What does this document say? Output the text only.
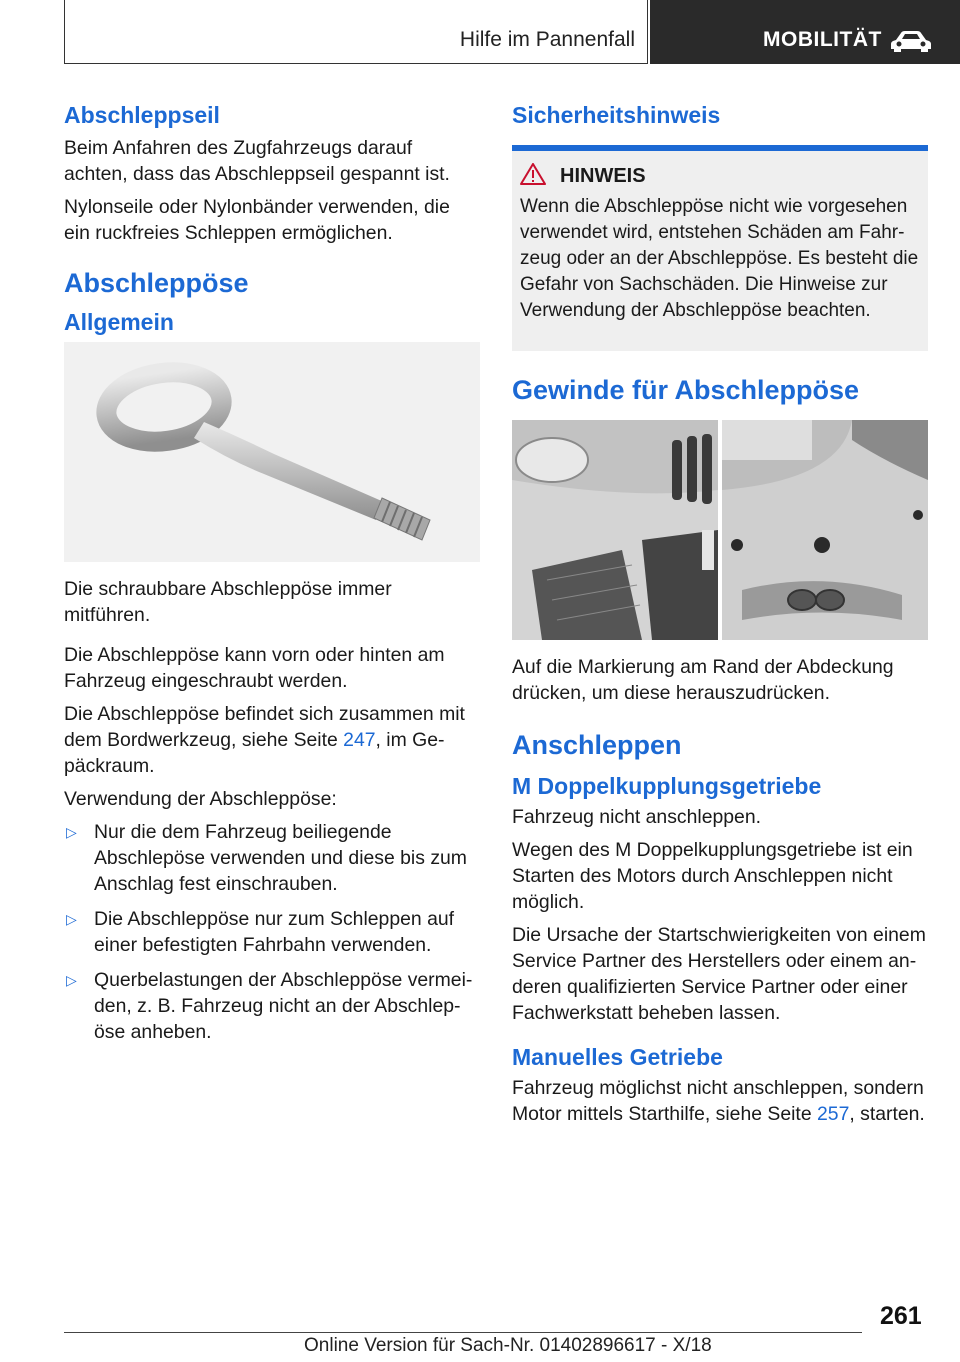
Hilfe im Pannenfall	MOBILITÄT
Abschleppseil

Beim Anfahren des Zugfahrzeugs darauf achten, dass das Abschleppseil gespannt ist.

Nylonseile oder Nylonbänder verwenden, die ein ruckfreies Schleppen ermöglichen.

Abschleppöse
Allgemein

Die schraubbare Abschleppöse immer mitführen.

Die Abschleppöse kann vorn oder hinten am Fahrzeug eingeschraubt werden.

Die Abschleppöse befindet sich zusammen mit dem Bordwerkzeug, siehe Seite 247, im Gepäckraum.

Verwendung der Abschleppöse:

▷ Nur die dem Fahrzeug beiliegende Abschlepöse verwenden und diese bis zum Anschlag fest einschrauben.
▷ Die Abschleppöse nur zum Schleppen auf einer befestigten Fahrbahn verwenden.
▷ Querbelastungen der Abschleppöse vermeiden, z. B. Fahrzeug nicht an der Abschlepöse anheben.
Sicherheitshinweis
HINWEIS

Wenn die Abschleppöse nicht wie vorgesehen verwendet wird, entstehen Schäden am Fahrzeug oder an der Abschleppöse. Es besteht die Gefahr von Sachschäden. Die Hinweise zur Verwendung der Abschleppöse beachten.

Gewinde für Abschleppöse

Auf die Markierung am Rand der Abdeckung drücken, um diese herauszudrücken.

Anschleppen
M Doppelkupplungsgetriebe

Fahrzeug nicht anschleppen.

Wegen des M Doppelkupplungsgetriebe ist ein Starten des Motors durch Anschleppen nicht möglich.

Die Ursache der Startschwierigkeiten von einem Service Partner des Herstellers oder einem anderen qualifizierten Service Partner oder einer Fachwerkstatt beheben lassen.

Manuelles Getriebe

Fahrzeug möglichst nicht anschleppen, sondern Motor mittels Starthilfe, siehe Seite 257, starten.

261
Online Version für Sach-Nr. 01402896617 - X/18
